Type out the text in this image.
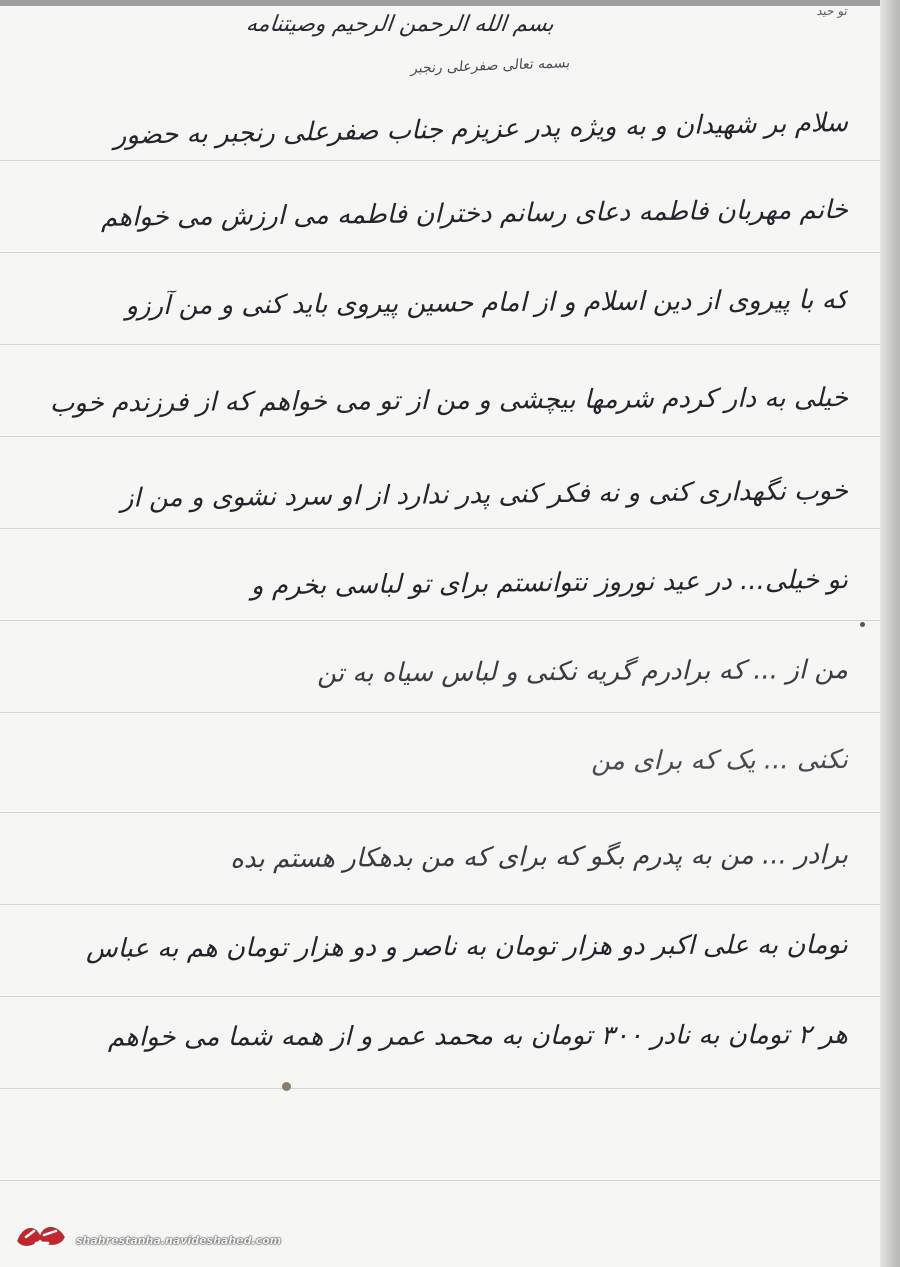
تو حید
بسم الله الرحمن الرحیم وصیتنامه
بسمه تعالی صفرعلی رنجبر
سلام بر شهیدان و به ویژه پدر عزیزم جناب صفرعلی رنجبر به حضور
خانم مهربان فاطمه دعای رسانم دختران فاطمه می ارزش می خواهم
که با پیروی از دین اسلام و از امام حسین پیروی باید کنی و من آرزو
خیلی به دار کردم شرمها بیچشی و من از تو می خواهم که از فرزندم خوب
خوب نگهداری کنی و نه فکر کنی پدر ندارد از او سرد نشوی و من از
تو خیلی... در عید نوروز نتوانستم برای تو لباسی بخرم و
من از ... که برادرم گریه نکنی و لباس سیاه به تن
نکنی ... یک که برای من
برادر ... من به پدرم بگو که برای که من بدهکار هستم بده
تومان به علی اکبر دو هزار تومان به ناصر و دو هزار تومان هم به عباس
هر ۲ تومان به نادر ۳۰۰ تومان به محمد عمر و از همه شما می خواهم
shahrestanha.navideshahed.com
